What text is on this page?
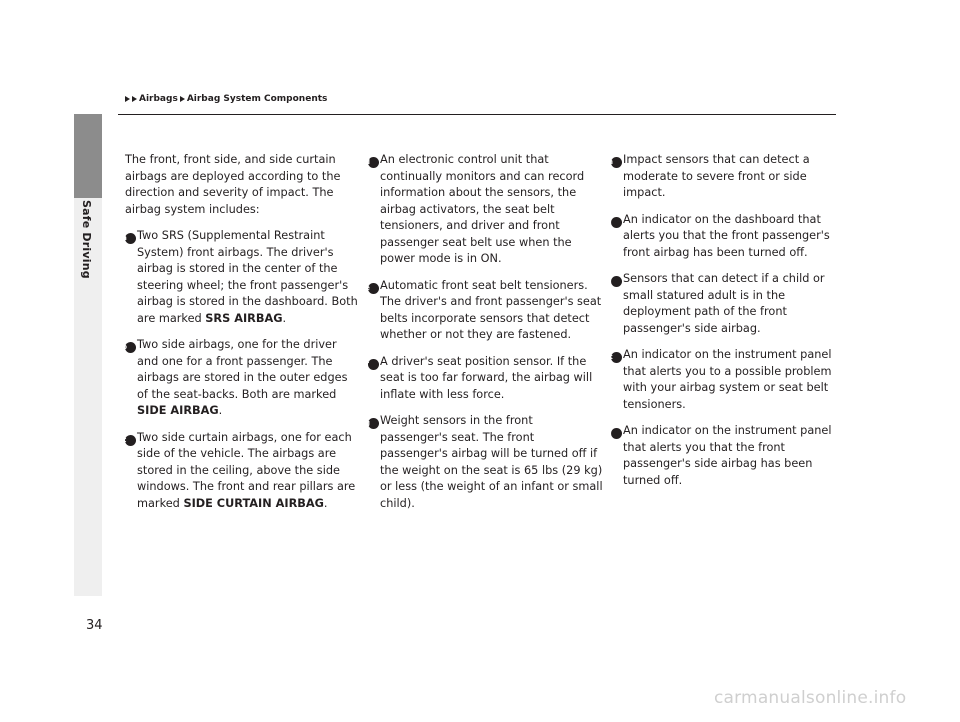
Safe Driving
Airbags Airbag System Components

The front, front side, and side curtain airbags are deployed according to the direction and severity of impact. The airbag system includes:

a Two SRS (Supplemental Restraint System) front airbags. The driver's airbag is stored in the center of the steering wheel; the front passenger's airbag is stored in the dashboard. Both are marked SRS AIRBAG.
b Two side airbags, one for the driver and one for a front passenger. The airbags are stored in the outer edges of the seat-backs. Both are marked SIDE AIRBAG.
c Two side curtain airbags, one for each side of the vehicle. The airbags are stored in the ceiling, above the side windows. The front and rear pillars are marked SIDE CURTAIN AIRBAG.
d An electronic control unit that continually monitors and can record information about the sensors, the airbag activators, the seat belt tensioners, and driver and front passenger seat belt use when the power mode is in ON.
e Automatic front seat belt tensioners. The driver's and front passenger's seat belts incorporate sensors that detect whether or not they are fastened.
f A driver's seat position sensor. If the seat is too far forward, the airbag will inflate with less force.
g Weight sensors in the front passenger's seat. The front passenger's airbag will be turned off if the weight on the seat is 65 lbs (29 kg) or less (the weight of an infant or small child).
h Impact sensors that can detect a moderate to severe front or side impact.
i An indicator on the dashboard that alerts you that the front passenger's front airbag has been turned off.
j Sensors that can detect if a child or small statured adult is in the deployment path of the front passenger's side airbag.
k An indicator on the instrument panel that alerts you to a possible problem with your airbag system or seat belt tensioners.
l An indicator on the instrument panel that alerts you that the front passenger's side airbag has been turned off.
34
carmanualsonline.info
